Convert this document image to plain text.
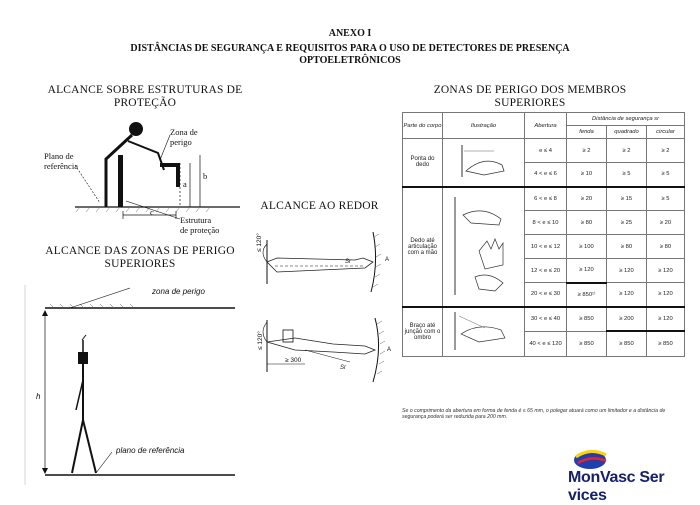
ANEXO I
DISTÂNCIAS DE SEGURANÇA E REQUISITOS PARA O USO DE DETECTORES DE PRESENÇA
OPTOELETRÔNICOS
ALCANCE SOBRE ESTRUTURAS DE
PROTEÇÃO
Zona de
perigo
Plano de
referência
a
b
c
Estrutura
de proteção
ALCANCE DAS ZONAS DE PERIGO
SUPERIORES
zona de perigo
h
plano de referência
ALCANCE AO REDOR
≤ 120°
≤ 120°
≥ 300
A
A
Sr
Sr
ZONAS DE PERIGO DOS MEMBROS
SUPERIORES
Parte do corpo	Ilustração	Abertura	Distância de segurança sr		
			fenda	quadrado	circular
Ponta do dedo		e ≤ 4	≥ 2	≥ 2	≥ 2
		4 < e ≤ 6	≥ 10	≥ 5	≥ 5
Dedo até articulação com a mão		6 < e ≤ 8	≥ 20	≥ 15	≥ 5
		8 < e ≤ 10	≥ 80	≥ 25	≥ 20
		10 < e ≤ 12	≥ 100	≥ 80	≥ 80
		12 < e ≤ 20	≥ 120	≥ 120	≥ 120
		20 < e ≤ 30	≥ 850¹⁾	≥ 120	≥ 120
Braço até junção com o ombro		30 < e ≤ 40	≥ 850	≥ 200	≥ 120
		40 < e ≤ 120	≥ 850	≥ 850	≥ 850
Se o comprimento da abertura em forma de fenda é ≤ 65 mm, o polegar atuará como um limitador e a distância de segurança poderá ser reduzida para 200 mm.
MonVasc Ser vices
